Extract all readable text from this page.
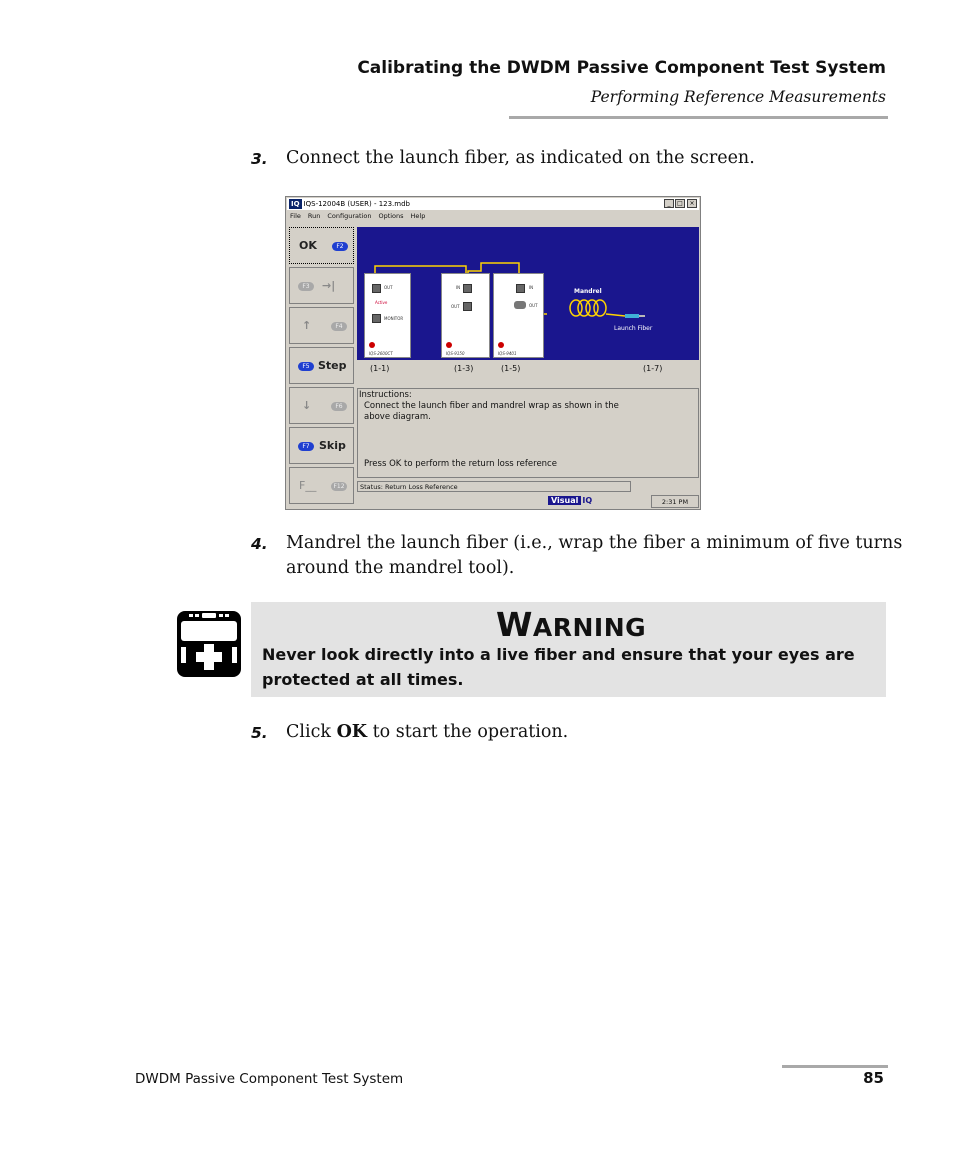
Calibrating the DWDM Passive Component Test System
Performing Reference Measurements
3. Connect the launch fiber, as indicated on the screen.
IQ IQS-12004B (USER) - 123.mdb	_	□	×
File Run Configuration Options Help
OK	F2
F3	→|
↑	F4
F5 Step
↓	F6
F7 Skip
F__	F12
OUT
Active
MONITOR
IQS-2600CT
IN
OUT
IQS-9150
IN
OUT
IQS-9401
Mandrel
Launch Fiber
(1-1)	(1-3)	(1-5)	(1-7)
Instructions:
Connect the launch fiber and mandrel wrap as shown in the
above diagram.
Press OK to perform the return loss reference
Status: Return Loss Reference
Visual IQ	2:31 PM
4. Mandrel the launch fiber (i.e., wrap the fiber a minimum of five turns
around the mandrel tool).
WARNING
Never look directly into a live fiber and ensure that your eyes are protected at all times.
5. Click OK to start the operation.
DWDM Passive Component Test System	85
